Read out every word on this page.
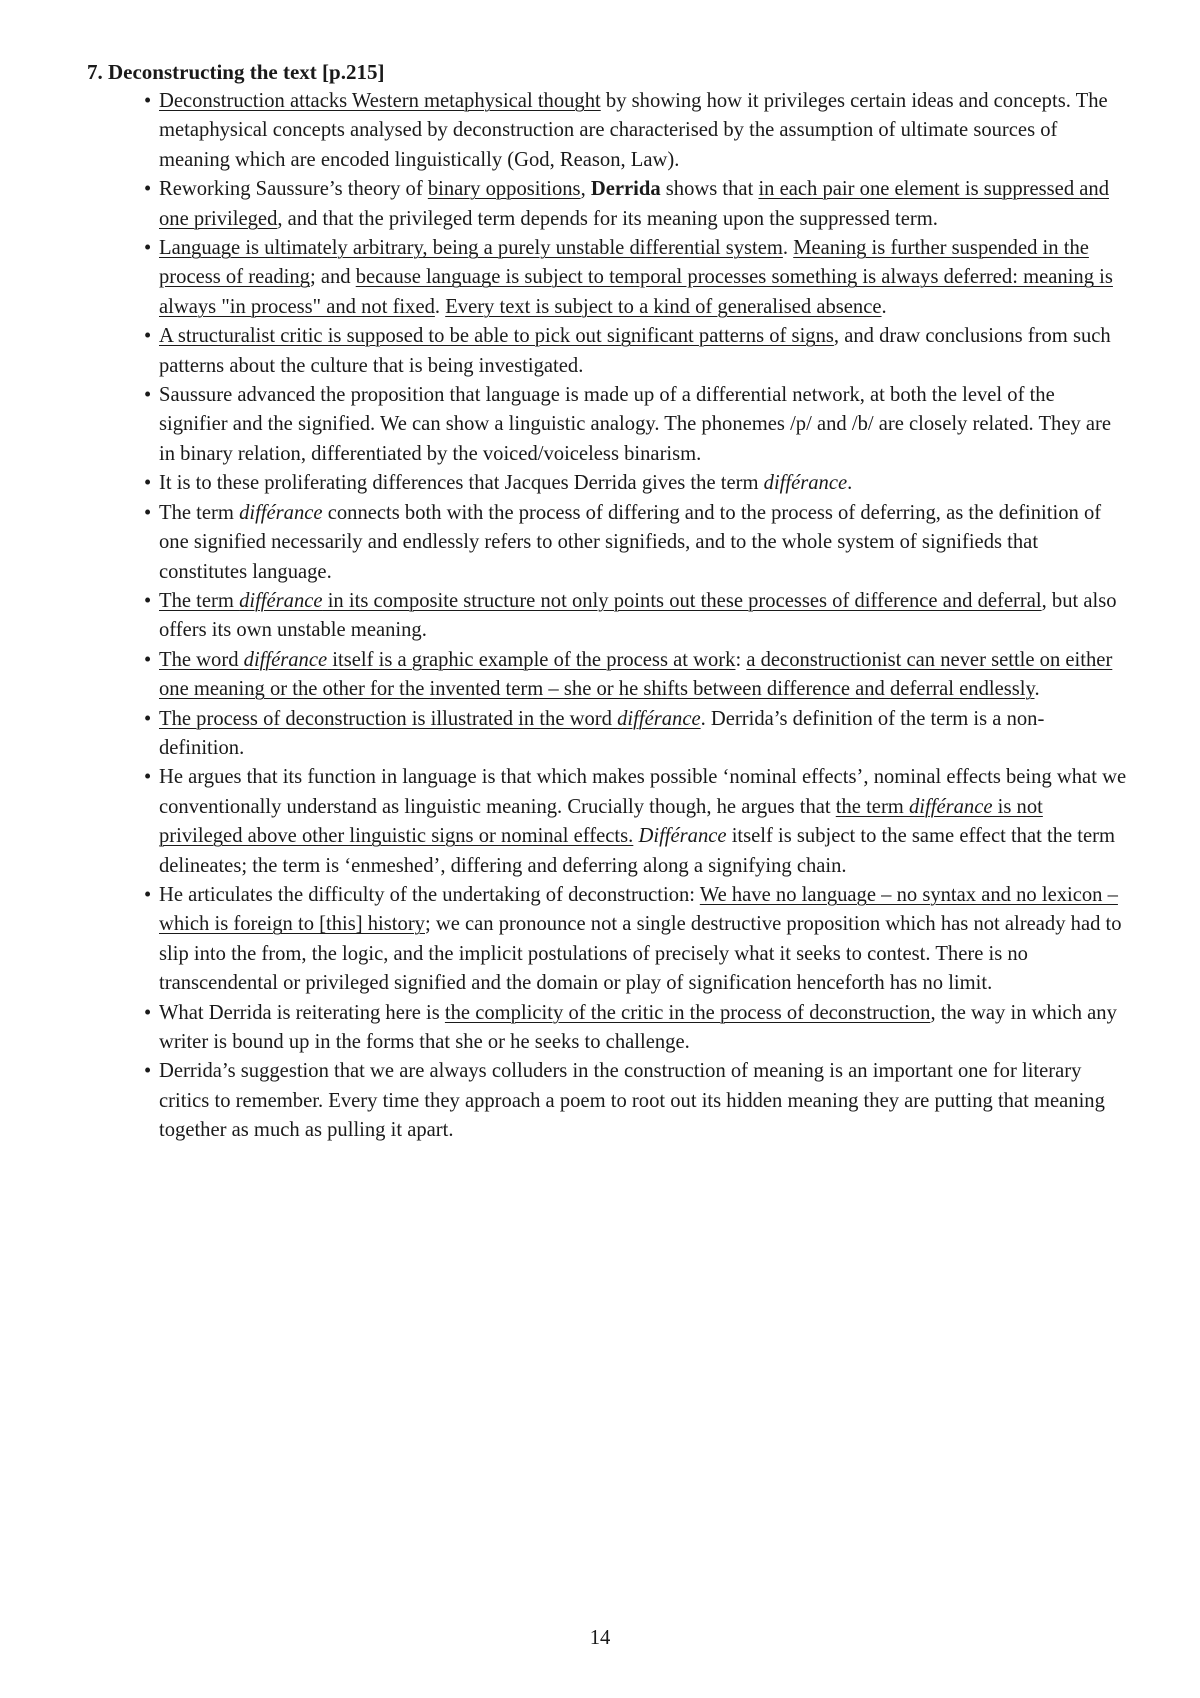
7. Deconstructing the text [p.215]

• Deconstruction attacks Western metaphysical thought by showing how it privileges certain ideas and concepts. The metaphysical concepts analysed by deconstruction are characterised by the assumption of ultimate sources of meaning which are encoded linguistically (God, Reason, Law).
• Reworking Saussure’s theory of binary oppositions, Derrida shows that in each pair one element is suppressed and one privileged, and that the privileged term depends for its meaning upon the suppressed term.
• Language is ultimately arbitrary, being a purely unstable differential system. Meaning is further suspended in the process of reading; and because language is subject to temporal processes something is always deferred: meaning is always "in process" and not fixed. Every text is subject to a kind of generalised absence.
• A structuralist critic is supposed to be able to pick out significant patterns of signs, and draw conclusions from such patterns about the culture that is being investigated.
• Saussure advanced the proposition that language is made up of a differential network, at both the level of the signifier and the signified. We can show a linguistic analogy. The phonemes /p/ and /b/ are closely related. They are in binary relation, differentiated by the voiced/voiceless binarism.
• It is to these proliferating differences that Jacques Derrida gives the term différance.
• The term différance connects both with the process of differing and to the process of deferring, as the definition of one signified necessarily and endlessly refers to other signifieds, and to the whole system of signifieds that constitutes language.
• The term différance in its composite structure not only points out these processes of difference and deferral, but also offers its own unstable meaning.
• The word différance itself is a graphic example of the process at work: a deconstructionist can never settle on either one meaning or the other for the invented term – she or he shifts between difference and deferral endlessly.
• The process of deconstruction is illustrated in the word différance. Derrida’s definition of the term is a non-definition.
• He argues that its function in language is that which makes possible ‘nominal effects’, nominal effects being what we conventionally understand as linguistic meaning. Crucially though, he argues that the term différance is not privileged above other linguistic signs or nominal effects. Différance itself is subject to the same effect that the term delineates; the term is ‘enmeshed’, differing and deferring along a signifying chain.
• He articulates the difficulty of the undertaking of deconstruction: We have no language – no syntax and no lexicon – which is foreign to [this] history; we can pronounce not a single destructive proposition which has not already had to slip into the from, the logic, and the implicit postulations of precisely what it seeks to contest. There is no transcendental or privileged signified and the domain or play of signification henceforth has no limit.
• What Derrida is reiterating here is the complicity of the critic in the process of deconstruction, the way in which any writer is bound up in the forms that she or he seeks to challenge.
• Derrida’s suggestion that we are always colluders in the construction of meaning is an important one for literary critics to remember. Every time they approach a poem to root out its hidden meaning they are putting that meaning together as much as pulling it apart.
14
